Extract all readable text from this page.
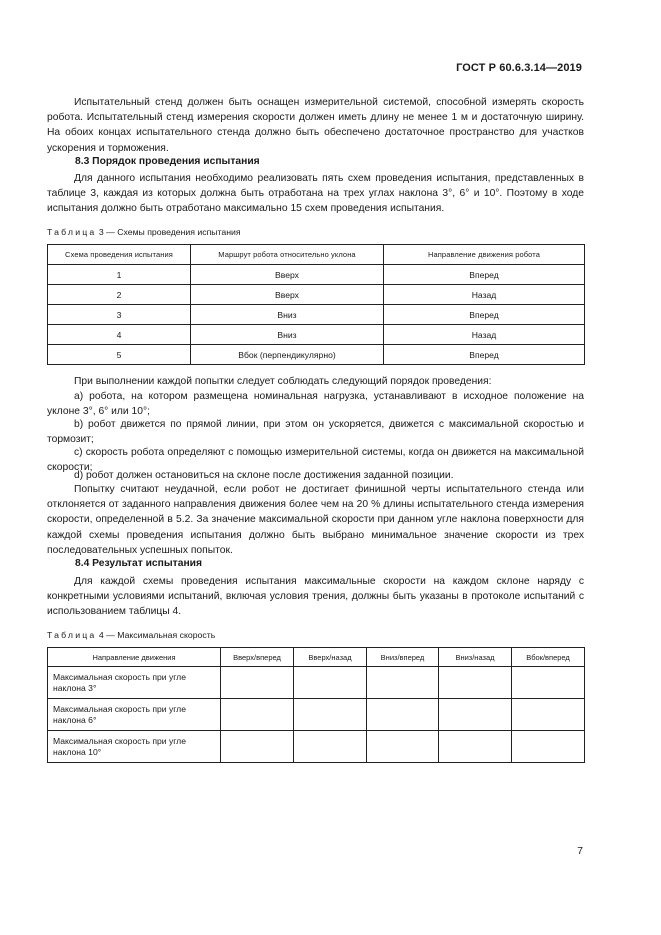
ГОСТ Р 60.6.3.14—2019

Испытательный стенд должен быть оснащен измерительной системой, способной измерять скорость робота. Испытательный стенд измерения скорости должен иметь длину не менее 1 м и достаточную ширину. На обоих концах испытательного стенда должно быть обеспечено достаточное пространство для участков ускорения и торможения.

8.3 Порядок проведения испытания

Для данного испытания необходимо реализовать пять схем проведения испытания, представленных в таблице 3, каждая из которых должна быть отработана на трех углах наклона 3°, 6° и 10°. Поэтому в ходе испытания должно быть отработано максимально 15 схем проведения испытания.

Таблица 3 — Схемы проведения испытания
Схема проведения испытания	Маршрут робота относительно уклона	Направление движения робота
1	Вверх	Вперед
2	Вверх	Назад
3	Вниз	Вперед
4	Вниз	Назад
5	Вбок (перпендикулярно)	Вперед

При выполнении каждой попытки следует соблюдать следующий порядок проведения:

a) робота, на котором размещена номинальная нагрузка, устанавливают в исходное положение на уклоне 3°, 6° или 10°;

b) робот движется по прямой линии, при этом он ускоряется, движется с максимальной скоростью и тормозит;

c) скорость робота определяют с помощью измерительной системы, когда он движется на максимальной скорости;

d) робот должен остановиться на склоне после достижения заданной позиции.

Попытку считают неудачной, если робот не достигает финишной черты испытательного стенда или отклоняется от заданного направления движения более чем на 20 % длины испытательного стенда измерения скорости, определенной в 5.2. За значение максимальной скорости при данном угле наклона поверхности для каждой схемы проведения испытания должно быть выбрано минимальное значение скорости из трех последовательных успешных попыток.

8.4 Результат испытания

Для каждой схемы проведения испытания максимальные скорости на каждом склоне наряду с конкретными условиями испытаний, включая условия трения, должны быть указаны в протоколе испытаний с использованием таблицы 4.

Таблица 4 — Максимальная скорость
Направление движения	Вверх/вперед	Вверх/назад	Вниз/вперед	Вниз/назад	Вбок/вперед
Максимальная скорость при угле наклона 3°					
Максимальная скорость при угле наклона 6°					
Максимальная скорость при угле наклона 10°					
7
